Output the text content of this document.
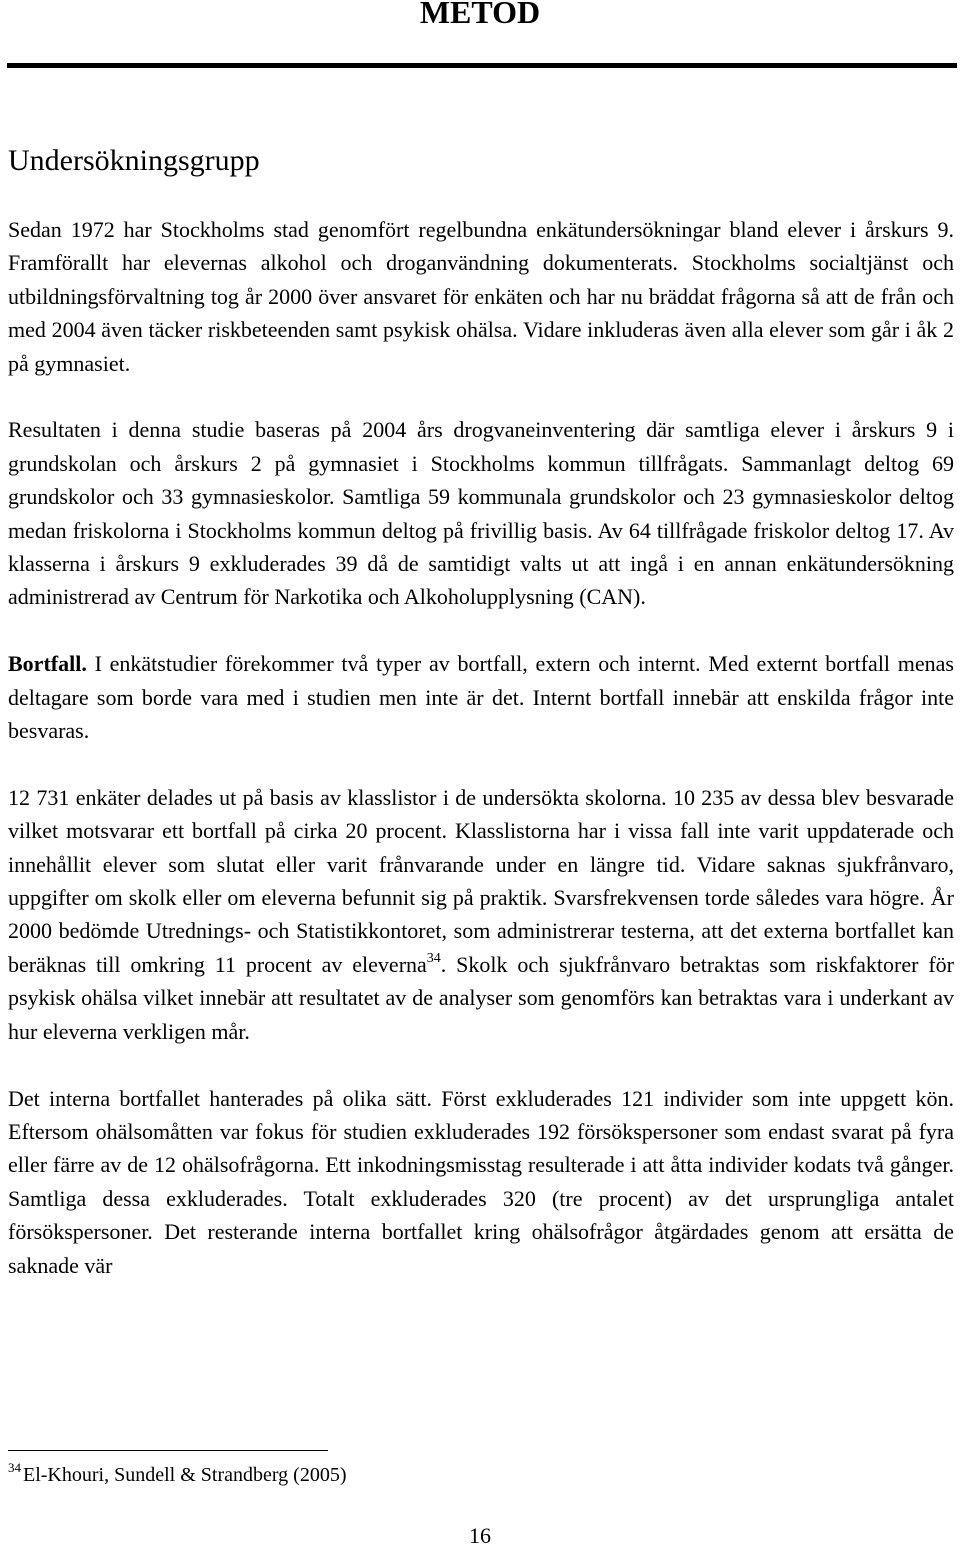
METOD
Undersökningsgrupp

Sedan 1972 har Stockholms stad genomfört regelbundna enkätundersökningar bland elever i årskurs 9. Framförallt har elevernas alkohol och droganvändning dokumenterats. Stockholms socialtjänst och utbildningsförvaltning tog år 2000 över ansvaret för enkäten och har nu bräddat frågorna så att de från och med 2004 även täcker riskbeteenden samt psykisk ohälsa. Vidare inkluderas även alla elever som går i åk 2 på gymnasiet.

Resultaten i denna studie baseras på 2004 års drogvaneinventering där samtliga elever i årskurs 9 i grundskolan och årskurs 2 på gymnasiet i Stockholms kommun tillfrågats. Sammanlagt deltog 69 grundskolor och 33 gymnasieskolor. Samtliga 59 kommunala grundskolor och 23 gymnasieskolor deltog medan friskolorna i Stockholms kommun deltog på frivillig basis. Av 64 tillfrågade friskolor deltog 17. Av klasserna i årskurs 9 exkluderades 39 då de samtidigt valts ut att ingå i en annan enkätundersökning administrerad av Centrum för Narkotika och Alkoholupplysning (CAN).

Bortfall. I enkätstudier förekommer två typer av bortfall, extern och internt. Med externt bortfall menas deltagare som borde vara med i studien men inte är det. Internt bortfall innebär att enskilda frågor inte besvaras.

12 731 enkäter delades ut på basis av klasslistor i de undersökta skolorna. 10 235 av dessa blev besvarade vilket motsvarar ett bortfall på cirka 20 procent. Klasslistorna har i vissa fall inte varit uppdaterade och innehållit elever som slutat eller varit frånvarande under en längre tid. Vidare saknas sjukfrånvaro, uppgifter om skolk eller om eleverna befunnit sig på praktik. Svarsfrekvensen torde således vara högre. År 2000 bedömde Utrednings- och Statistikkontoret, som administrerar testerna, att det externa bortfallet kan beräknas till omkring 11 procent av eleverna$^{34}$. Skolk och sjukfrånvaro betraktas som riskfaktorer för psykisk ohälsa vilket innebär att resultatet av de analyser som genomförs kan betraktas vara i underkant av hur eleverna verkligen mår.

Det interna bortfallet hanterades på olika sätt. Först exkluderades 121 individer som inte uppgett kön. Eftersom ohälsomåtten var fokus för studien exkluderades 192 försökspersoner som endast svarat på fyra eller färre av de 12 ohälsofrågorna. Ett inkodningsmisstag resulterade i att åtta individer kodats två gånger. Samtliga dessa exkluderades. Totalt exkluderades 320 (tre procent) av det ursprungliga antalet försökspersoner. Det resterande interna bortfallet kring ohälsofrågor åtgärdades genom att ersätta de saknade vär

$^{34}$ El-Khouri, Sundell & Strandberg (2005)
16
